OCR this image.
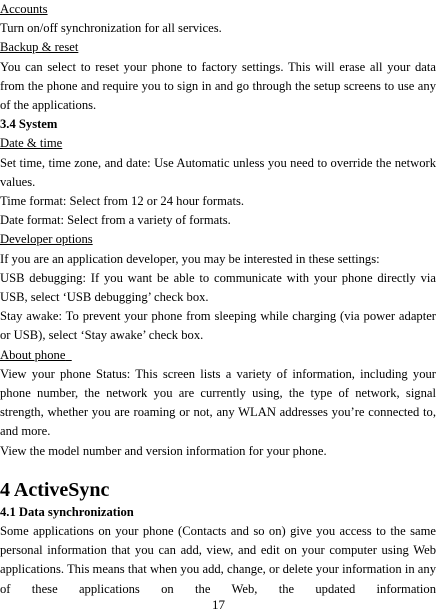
Accounts
Turn on/off synchronization for all services.
Backup & reset

You can select to reset your phone to factory settings. This will erase all your data from the phone and require you to sign in and go through the setup screens to use any of the applications.

3.4 System
Date & time

Set time, time zone, and date: Use Automatic unless you need to override the network values.

Time format: Select from 12 or 24 hour formats.
Date format: Select from a variety of formats.
Developer options
If you are an application developer, you may be interested in these settings:

USB debugging: If you want be able to communicate with your phone directly via USB, select ‘USB debugging’ check box.

Stay awake: To prevent your phone from sleeping while charging (via power adapter or USB), select ‘Stay awake’ check box.

About phone

View your phone Status: This screen lists a variety of information, including your phone number, the network you are currently using, the type of network, signal strength, whether you are roaming or not, any WLAN addresses you’re connected to, and more.

View the model number and version information for your phone.
4 ActiveSync
4.1 Data synchronization

Some applications on your phone (Contacts and so on) give you access to the same personal information that you can add, view, and edit on your computer using Web applications. This means that when you add, change, or delete your information in any of these applications on the Web, the updated information

17
